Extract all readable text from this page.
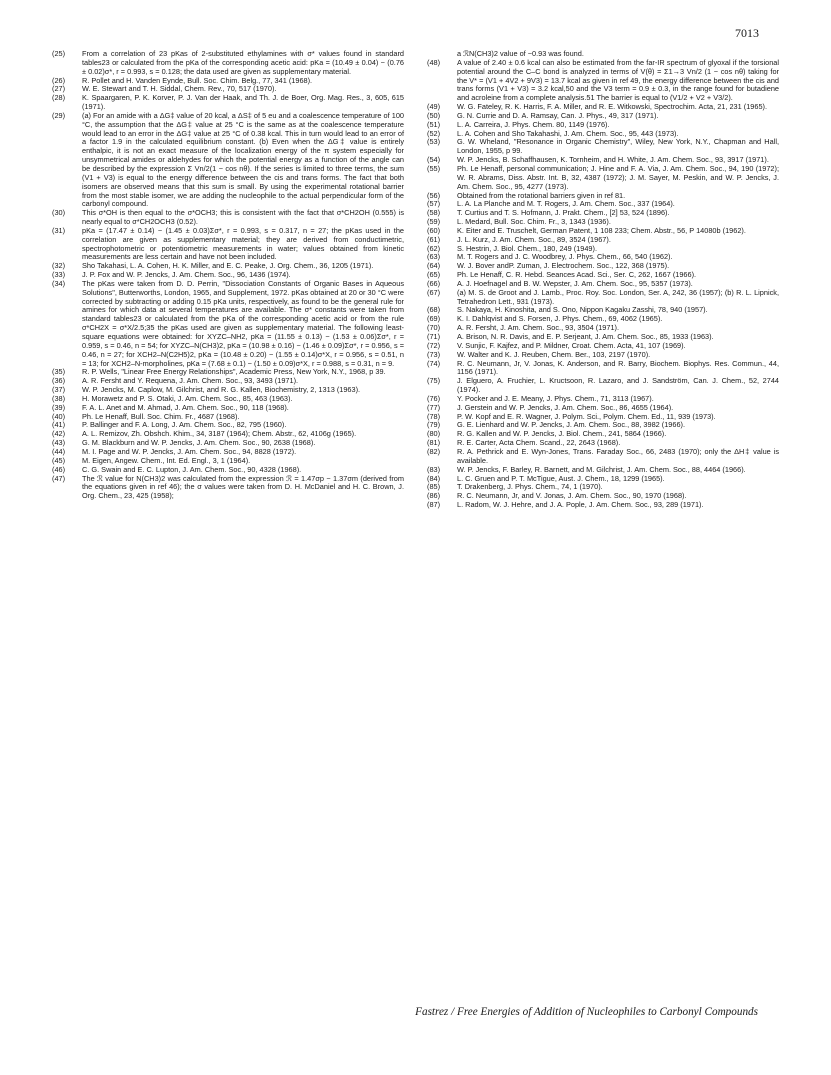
7013
(25) From a correlation of 23 pKas of 2-substituted ethylamines with σ* values found in standard tables23 or calculated from the pKa of the corresponding acetic acid: pKa = (10.49 ± 0.04) − (0.76 ± 0.02)σ*, r = 0.993, s = 0.128; the data used are given as supplementary material.
(26) R. Pollet and H. Vanden Eynde, Bull. Soc. Chim. Belg., 77, 341 (1968).
(27) W. E. Stewart and T. H. Siddal, Chem. Rev., 70, 517 (1970).
(28) K. Spaargaren, P. K. Korver, P. J. Van der Haak, and Th. J. de Boer, Org. Mag. Res., 3, 605, 615 (1971).
(29) (a) For an amide with a ΔG‡ value of 20 kcal, a ΔS‡ of 5 eu and a coalescence temperature of 100 °C, the assumption that the ΔG‡ value at 25 °C is the same as at the coalescence temperature would lead to an error in the ΔG‡ value at 25 °C of 0.38 kcal. This in turn would lead to an error of a factor 1.9 in the calculated equilibrium constant. (b) Even when the ΔG‡ value is entirely enthalpic, it is not an exact measure of the localization energy of the π system especially for unsymmetrical amides or aldehydes for which the potential energy as a function of the angle can be described by the expression Σ Vn/2(1 − cos nθ). If the series is limited to three terms, the sum (V1 + V3) is equal to the energy difference between the cis and trans forms. The fact that both isomers are observed means that this sum is small. By using the experimental rotational barrier from the most stable isomer, we are adding the nucleophile to the actual perpendicular form of the carbonyl compound.
(30) This σ*OH is then equal to the σ*OCH3; this is consistent with the fact that σ*CH2OH (0.555) is nearly equal to σ*CH2OCH3 (0.52).
(31) pKa = (17.47 ± 0.14) − (1.45 ± 0.03)Σσ*, r = 0.993, s = 0.317, n = 27; the pKas used in the correlation are given as supplementary material; they are derived from conductimetric, spectrophotometric or potentiometric measurements in water; values obtained from kinetic measurements are less certain and have not been included.
(32) Sho Takahasi, L. A. Cohen, H. K. Miller, and E. C. Peake, J. Org. Chem., 36, 1205 (1971).
(33) J. P. Fox and W. P. Jencks, J. Am. Chem. Soc., 96, 1436 (1974).
(34) The pKas were taken from D. D. Perrin, "Dissociation Constants of Organic Bases in Aqueous Solutions", Butterworths, London, 1965, and Supplement, 1972. pKas obtained at 20 or 30 °C were corrected by subtracting or adding 0.15 pKa units, respectively, as found to be the general rule for amines for which data at several temperatures are available. The σ* constants were taken from standard tables23 or calculated from the pKa of the corresponding acetic acid or from the rule σ*CH2X = σ*X/2.5;35 the pKas used are given as supplementary material. The following least-square equations were obtained: for XYZC–NH2, pKa = (11.55 ± 0.13) − (1.53 ± 0.06)Σσ*, r = 0.959, s = 0.46, n = 54; for XYZC–N(CH3)2, pKa = (10.98 ± 0.16) − (1.46 ± 0.09)Σσ*, r = 0.956, s = 0.46, n = 27; for XCH2–N(C2H5)2, pKa = (10.48 ± 0.20) − (1.55 ± 0.14)σ*X, r = 0.956, s = 0.51, n = 13; for XCH2–N-morpholines, pKa = (7.68 ± 0.1) − (1.50 ± 0.09)σ*X, r = 0.988, s = 0.31, n = 9.
(35) R. P. Wells, "Linear Free Energy Relationships", Academic Press, New York, N.Y., 1968, p 39.
(36) A. R. Fersht and Y. Requena, J. Am. Chem. Soc., 93, 3493 (1971).
(37) W. P. Jencks, M. Caplow, M. Gilchrist, and R. G. Kallen, Biochemistry, 2, 1313 (1963).
(38) H. Morawetz and P. S. Otaki, J. Am. Chem. Soc., 85, 463 (1963).
(39) F. A. L. Anet and M. Ahmad, J. Am. Chem. Soc., 90, 118 (1968).
(40) Ph. Le Henaff, Bull. Soc. Chim. Fr., 4687 (1968).
(41) P. Ballinger and F. A. Long, J. Am. Chem. Soc., 82, 795 (1960).
(42) A. L. Remizov, Zh. Obshch. Khim., 34, 3187 (1964); Chem. Abstr., 62, 4106g (1965).
(43) G. M. Blackburn and W. P. Jencks, J. Am. Chem. Soc., 90, 2638 (1968).
(44) M. I. Page and W. P. Jencks, J. Am. Chem. Soc., 94, 8828 (1972).
(45) M. Eigen, Angew. Chem., Int. Ed. Engl., 3, 1 (1964).
(46) C. G. Swain and E. C. Lupton, J. Am. Chem. Soc., 90, 4328 (1968).
(47) The ℛ value for N(CH3)2 was calculated from the expression ℛ = 1.47σp − 1.37σm (derived from the equations given in ref 46); the σ values were taken from D. H. McDaniel and H. C. Brown, J. Org. Chem., 23, 425 (1958);
a ℛN(CH3)2 value of −0.93 was found.
(48) A value of 2.40 ± 0.6 kcal can also be estimated from the far-IR spectrum of glyoxal if the torsional potential around the C–C bond is analyzed in terms of V(θ) = Σ1→3 Vn/2 (1 − cos nθ) taking for the V* = (V1 + 4V2 + 9V3) = 13.7 kcal as given in ref 49, the energy difference between the cis and trans forms (V1 + V3) = 3.2 kcal,50 and the V3 term = 0.9 ± 0.3, in the range found for butadiene and acroleine from a complete analysis.51 The barrier is equal to (V1/2 + V2 + V3/2).
(49) W. G. Fateley, R. K. Harris, F. A. Miller, and R. E. Witkowski, Spectrochim. Acta, 21, 231 (1965).
(50) G. N. Currie and D. A. Ramsay, Can. J. Phys., 49, 317 (1971).
(51) L. A. Carreira, J. Phys. Chem. 80, 1149 (1976).
(52) L. A. Cohen and Sho Takahashi, J. Am. Chem. Soc., 95, 443 (1973).
(53) G. W. Wheland, "Resonance in Organic Chemistry", Wiley, New York, N.Y., Chapman and Hall, London, 1955, p 99.
(54) W. P. Jencks, B. Schaffhausen, K. Tornheim, and H. White, J. Am. Chem. Soc., 93, 3917 (1971).
(55) Ph. Le Henaff, personal communication; J. Hine and F. A. Via, J. Am. Chem. Soc., 94, 190 (1972); W. R. Abrams, Diss. Abstr. Int. B, 32, 4387 (1972); J. M. Sayer, M. Peskin, and W. P. Jencks, J. Am. Chem. Soc., 95, 4277 (1973).
(56) Obtained from the rotational barriers given in ref 81.
(57) L. A. La Planche and M. T. Rogers, J. Am. Chem. Soc., 337 (1964).
(58) T. Curtius and T. S. Hofmann, J. Prakt. Chem., [2] 53, 524 (1896).
(59) L. Medard, Bull. Soc. Chim. Fr., 3, 1343 (1936).
(60) K. Eiter and E. Truschelt, German Patent, 1 108 233; Chem. Abstr., 56, P 14080b (1962).
(61) J. L. Kurz, J. Am. Chem. Soc., 89, 3524 (1967).
(62) S. Hestrin, J. Biol. Chem., 180, 249 (1949).
(63) M. T. Rogers and J. C. Woodbrey, J. Phys. Chem., 66, 540 (1962).
(64) W. J. Bover andP. Zuman, J. Electrochem. Soc., 122, 368 (1975).
(65) Ph. Le Henaff, C. R. Hebd. Seances Acad. Sci., Ser. C, 262, 1667 (1966).
(66) A. J. Hoefnagel and B. W. Wepster, J. Am. Chem. Soc., 95, 5357 (1973).
(67) (a) M. S. de Groot and J. Lamb., Proc. Roy. Soc. London, Ser. A, 242, 36 (1957); (b) R. L. Lipnick, Tetrahedron Lett., 931 (1973).
(68) S. Nakaya, H. Kinoshita, and S. Ono, Nippon Kagaku Zasshi, 78, 940 (1957).
(69) K. I. Dahlqvist and S. Forsen, J. Phys. Chem., 69, 4062 (1965).
(70) A. R. Fersht, J. Am. Chem. Soc., 93, 3504 (1971).
(71) A. Brison, N. R. Davis, and E. P. Serjeant, J. Am. Chem. Soc., 85, 1933 (1963).
(72) V. Sunjic, F. Kajfez, and P. Mildner, Croat. Chem. Acta, 41, 107 (1969).
(73) W. Walter and K. J. Reuben, Chem. Ber., 103, 2197 (1970).
(74) R. C. Neumann, Jr, V. Jonas, K. Anderson, and R. Barry, Biochem. Biophys. Res. Commun., 44, 1156 (1971).
(75) J. Elguero, A. Fruchier, L. Kructsoon, R. Lazaro, and J. Sandström, Can. J. Chem., 52, 2744 (1974).
(76) Y. Pocker and J. E. Meany, J. Phys. Chem., 71, 3113 (1967).
(77) J. Gerstein and W. P. Jencks, J. Am. Chem. Soc., 86, 4655 (1964).
(78) P. W. Kopf and E. R. Wagner, J. Polym. Sci., Polym. Chem. Ed., 11, 939 (1973).
(79) G. E. Lienhard and W. P. Jencks, J. Am. Chem. Soc., 88, 3982 (1966).
(80) R. G. Kallen and W. P. Jencks, J. Biol. Chem., 241, 5864 (1966).
(81) R. E. Carter, Acta Chem. Scand., 22, 2643 (1968).
(82) R. A. Pethrick and E. Wyn-Jones, Trans. Faraday Soc., 66, 2483 (1970); only the ΔH‡ value is available.
(83) W. P. Jencks, F. Barley, R. Barnett, and M. Gilchrist, J. Am. Chem. Soc., 88, 4464 (1966).
(84) L. C. Gruen and P. T. McTigue, Aust. J. Chem., 18, 1299 (1965).
(85) T. Drakenberg, J. Phys. Chem., 74, 1 (1970).
(86) R. C. Neumann, Jr, and V. Jonas, J. Am. Chem. Soc., 90, 1970 (1968).
(87) L. Radom, W. J. Hehre, and J. A. Pople, J. Am. Chem. Soc., 93, 289 (1971).
Fastrez / Free Energies of Addition of Nucleophiles to Carbonyl Compounds
